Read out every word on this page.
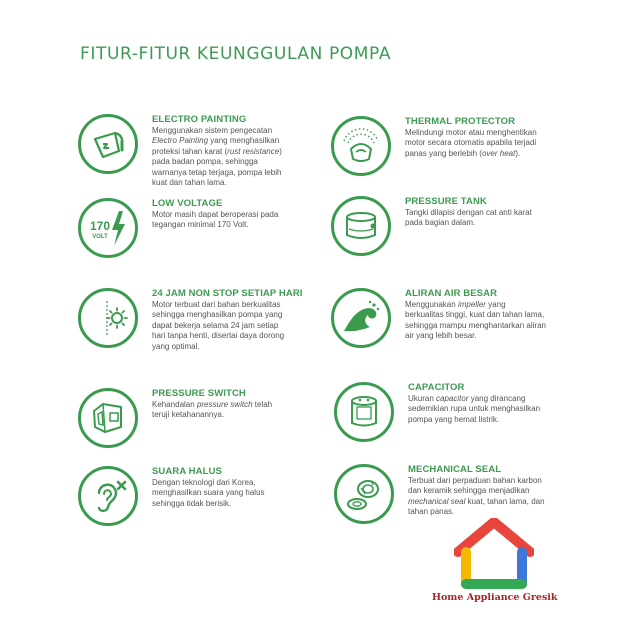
FITUR-FITUR KEUNGGULAN POMPA
ELECTRO PAINTING
Menggunakan sistem pengecatan
Electro Painting yang menghasilkan
proteksi tahan karat (rust resistance)
pada badan pompa, sehingga
warnanya tetap terjaga, pompa lebih
kuat dan tahan lama.
170
VOLT
LOW VOLTAGE
Motor masih dapat beroperasi pada
tegangan minimal 170 Volt.
24 JAM NON STOP SETIAP HARI
Motor terbuat dari bahan berkualitas
sehingga menghasilkan pompa yang
dapat bekerja selama 24 jam setiap
hari tanpa henti, disertai daya dorong
yang optimal.
PRESSURE SWITCH
Kehandalan pressure switch telah
teruji ketahanannya.
SUARA HALUS
Dengan teknologi dari Korea,
menghasilkan suara yang halus
sehingga tidak berisik.
THERMAL PROTECTOR
Melindungi motor atau menghentikan
motor secara otomatis apabila terjadi
panas yang berlebih (over heat).
PRESSURE TANK
Tangki dilapisi dengan cat anti karat
pada bagian dalam.
ALIRAN AIR BESAR
Menggunakan impeller yang
berkualitas tinggi, kuat dan tahan lama,
sehingga mampu menghantarkan aliran
air yang lebih besar.
CAPACITOR
Ukuran capacitor yang dirancang
sedemikian rupa untuk menghasilkan
pompa yang hemat listrik.
MECHANICAL SEAL
Terbuat dari perpaduan bahan karbon
dan keramik sehingga menjadikan
mechanical seal kuat, tahan lama, dan
tahan panas.
Home Appliance Gresik
